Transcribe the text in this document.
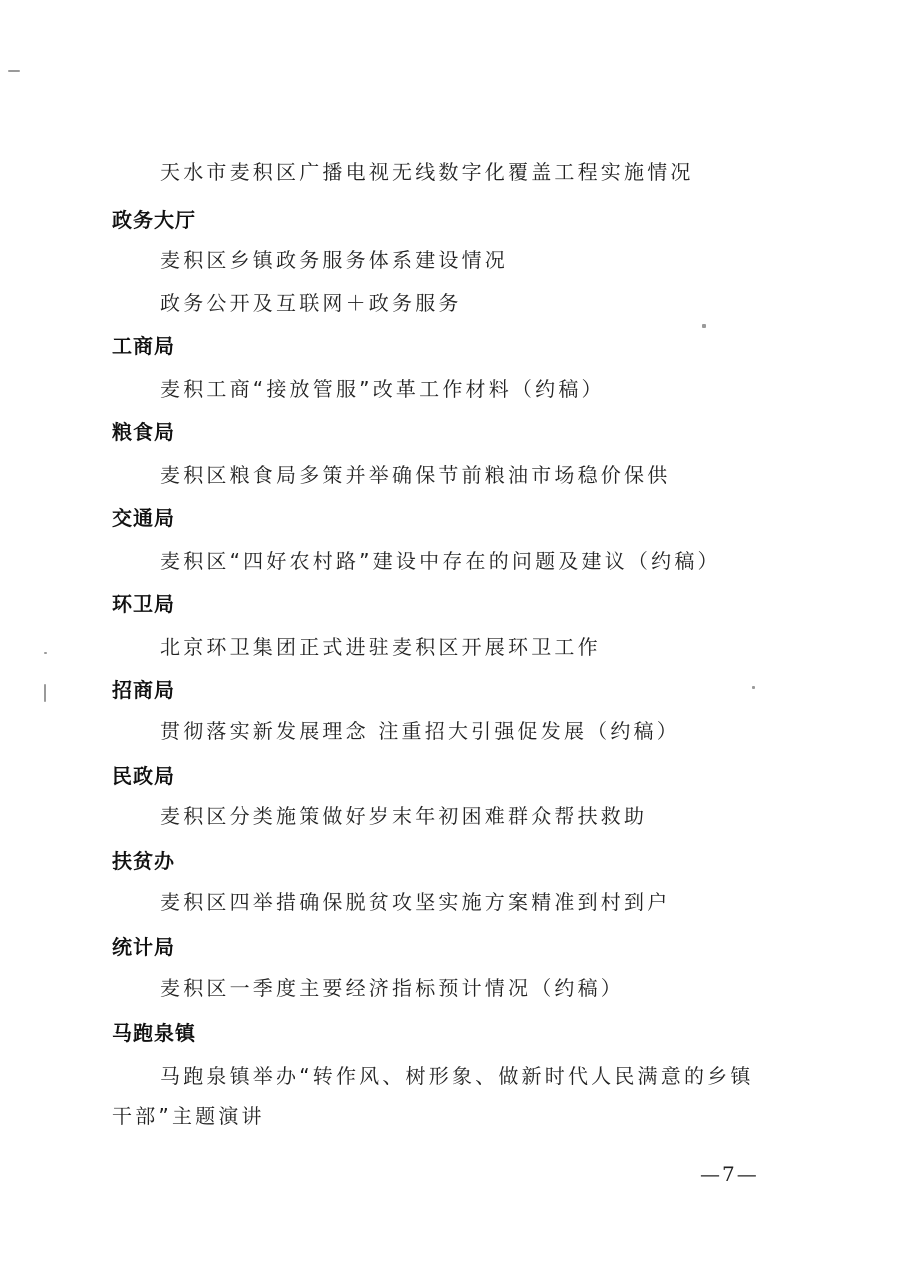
天水市麦积区广播电视无线数字化覆盖工程实施情况
政务大厅
麦积区乡镇政务服务体系建设情况
政务公开及互联网＋政务服务
工商局
麦积工商“接放管服”改革工作材料（约稿）
粮食局
麦积区粮食局多策并举确保节前粮油市场稳价保供
交通局
麦积区“四好农村路”建设中存在的问题及建议（约稿）
环卫局
北京环卫集团正式进驻麦积区开展环卫工作
招商局
贯彻落实新发展理念 注重招大引强促发展（约稿）
民政局
麦积区分类施策做好岁末年初困难群众帮扶救助
扶贫办
麦积区四举措确保脱贫攻坚实施方案精准到村到户
统计局
麦积区一季度主要经济指标预计情况（约稿）
马跑泉镇
马跑泉镇举办“转作风、树形象、做新时代人民满意的乡镇
干部”主题演讲
—7—
